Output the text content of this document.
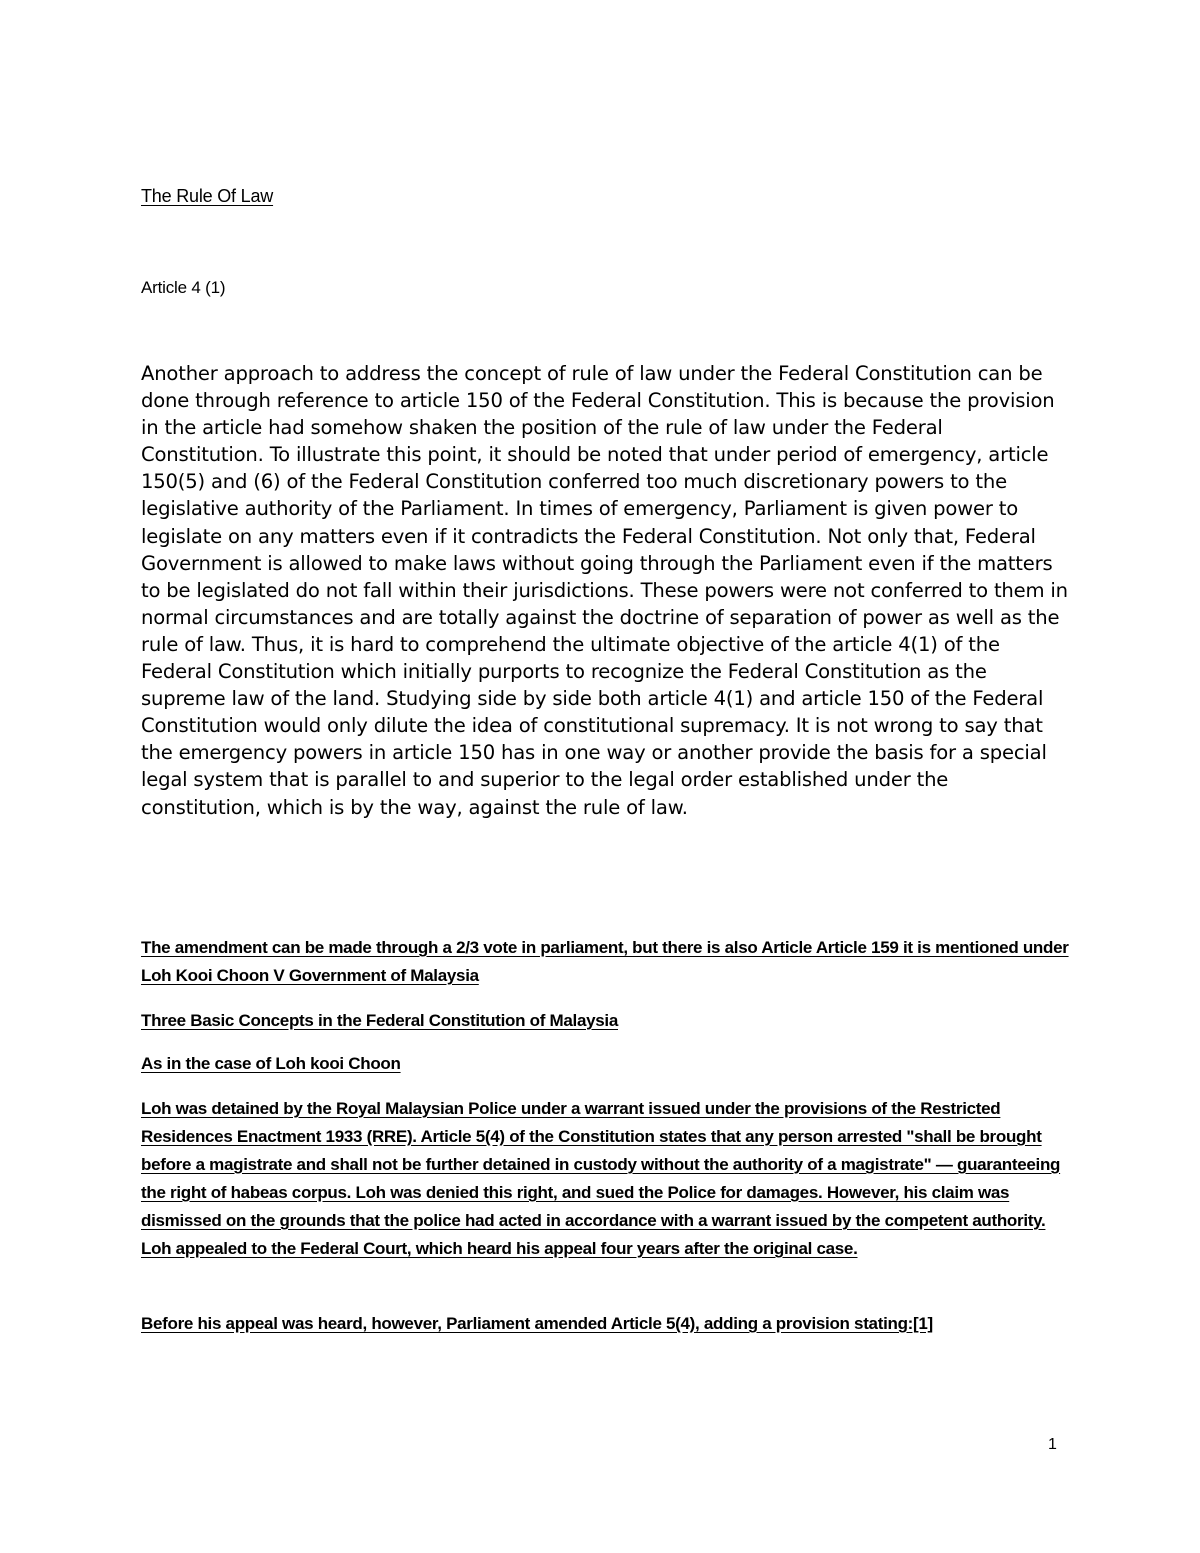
The Rule Of Law
Article 4 (1)
Another approach to address the concept of rule of law under the Federal Constitution can be done through reference to article 150 of the Federal Constitution. This is because the provision in the article had somehow shaken the position of the rule of law under the Federal Constitution. To illustrate this point, it should be noted that under period of emergency, article 150(5) and (6) of the Federal Constitution conferred too much discretionary powers to the legislative authority of the Parliament. In times of emergency, Parliament is given power to legislate on any matters even if it contradicts the Federal Constitution. Not only that, Federal Government is allowed to make laws without going through the Parliament even if the matters to be legislated do not fall within their jurisdictions. These powers were not conferred to them in normal circumstances and are totally against the doctrine of separation of power as well as the rule of law. Thus, it is hard to comprehend the ultimate objective of the article 4(1) of the Federal Constitution which initially purports to recognize the Federal Constitution as the supreme law of the land. Studying side by side both article 4(1) and article 150 of the Federal Constitution would only dilute the idea of constitutional supremacy. It is not wrong to say that the emergency powers in article 150 has in one way or another provide the basis for a special legal system that is parallel to and superior to the legal order established under the constitution, which is by the way, against the rule of law.
The amendment can be made through a 2/3 vote in parliament, but there is also Article Article 159 it is mentioned under Loh Kooi Choon V Government of Malaysia
Three Basic Concepts in the Federal Constitution of Malaysia
As in the case of Loh kooi Choon
Loh was detained by the Royal Malaysian Police under a warrant issued under the provisions of the Restricted Residences Enactment 1933 (RRE). Article 5(4) of the Constitution states that any person arrested "shall be brought before a magistrate and shall not be further detained in custody without the authority of a magistrate" — guaranteeing the right of habeas corpus. Loh was denied this right, and sued the Police for damages. However, his claim was dismissed on the grounds that the police had acted in accordance with a warrant issued by the competent authority. Loh appealed to the Federal Court, which heard his appeal four years after the original case.
Before his appeal was heard, however, Parliament amended Article 5(4), adding a provision stating:[1]
1
